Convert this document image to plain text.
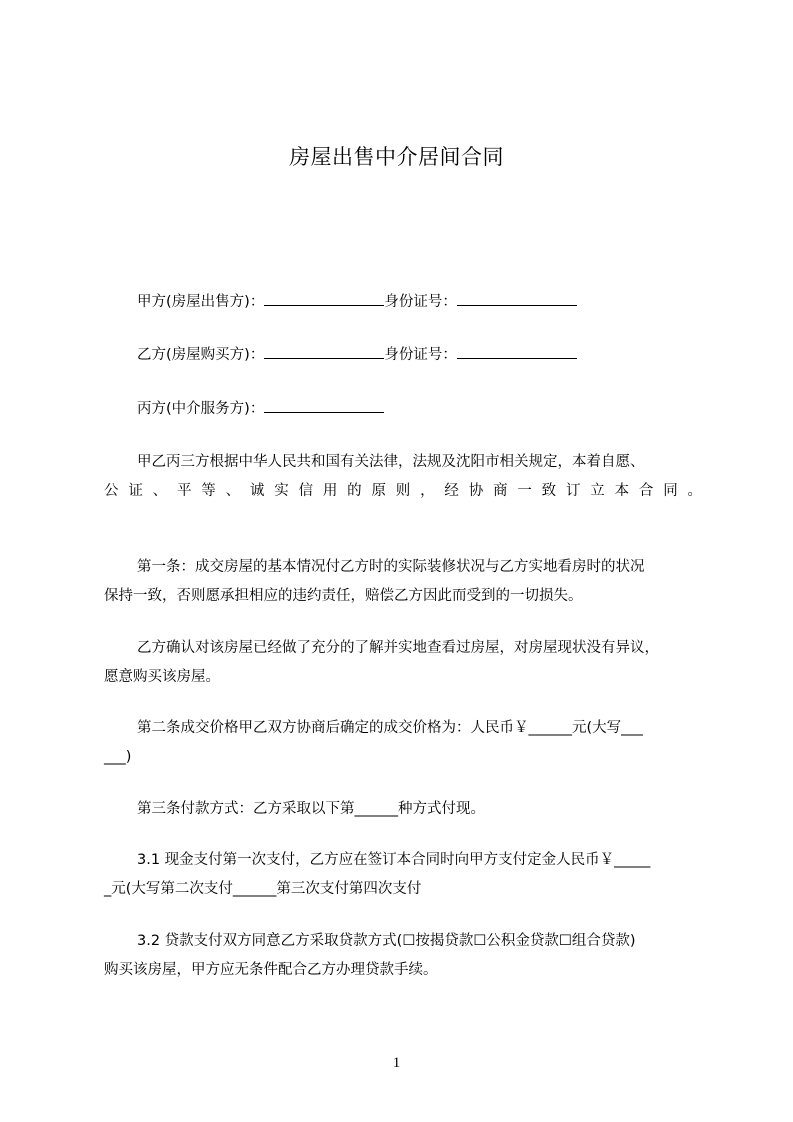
房屋出售中介居间合同
甲方(房屋出售方)：	身份证号：
乙方(房屋购买方)：	身份证号：
丙方(中介服务方)：
甲乙丙三方根据中华人民共和国有关法律，法规及沈阳市相关规定，本着自愿、
公 证 、 平 等 、 诚 实 信 用 的 原 则 ， 经 协 商 一 致 订 立 本 合 同 。
第一条：成交房屋的基本情况付乙方时的实际装修状况与乙方实地看房时的状况
保持一致，否则愿承担相应的违约责任，赔偿乙方因此而受到的一切损失。
乙方确认对该房屋已经做了充分的了解并实地查看过房屋，对房屋现状没有异议，
愿意购买该房屋。
第二条成交价格甲乙双方协商后确定的成交价格为：人民币￥______元(大写___
___)
第三条付款方式：乙方采取以下第______种方式付现。
3.1 现金支付第一次支付，乙方应在签订本合同时向甲方支付定金人民币￥_____
_元(大写第二次支付______第三次支付第四次支付
3.2 贷款支付双方同意乙方采取贷款方式(☐按揭贷款☐公积金贷款☐组合贷款)
购买该房屋，甲方应无条件配合乙方办理贷款手续。
1
